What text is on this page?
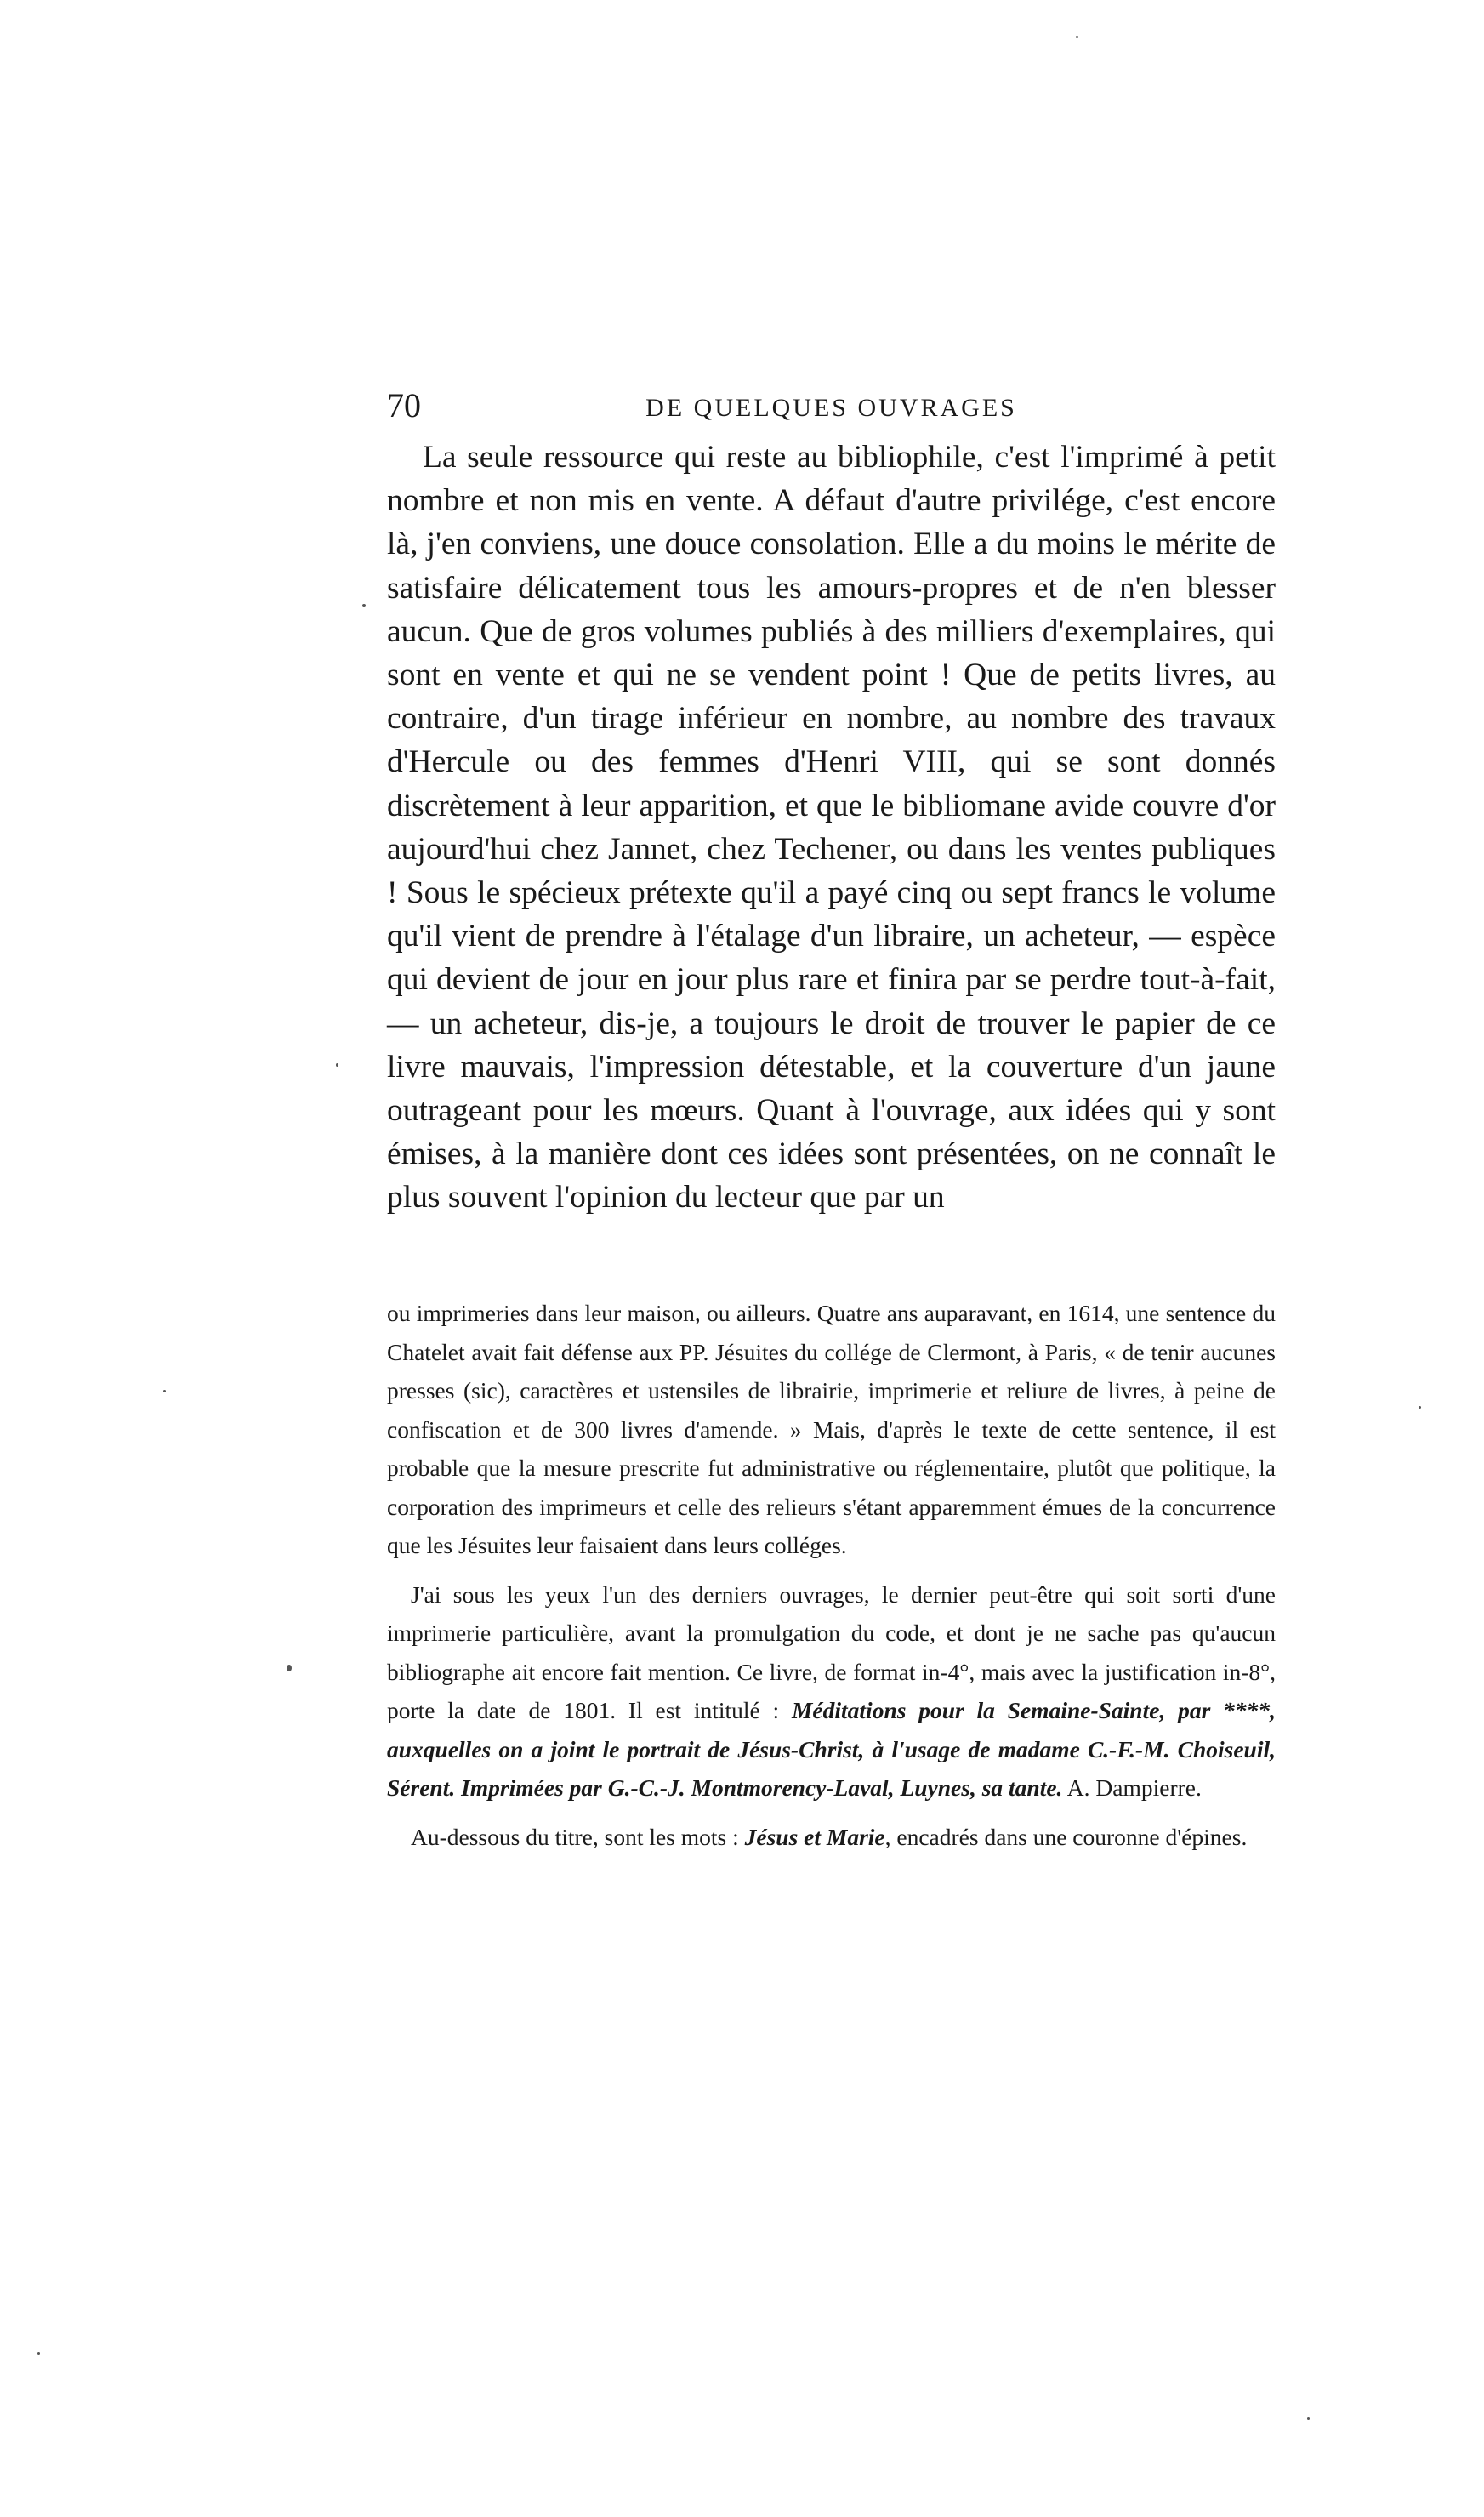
70	DE QUELQUES OUVRAGES

La seule ressource qui reste au bibliophile, c'est l'imprimé à petit nombre et non mis en vente. A défaut d'autre privilége, c'est encore là, j'en conviens, une douce consolation. Elle a du moins le mérite de satisfaire délicatement tous les amours-propres et de n'en blesser aucun. Que de gros volumes publiés à des milliers d'exemplaires, qui sont en vente et qui ne se vendent point ! Que de petits livres, au contraire, d'un tirage inférieur en nombre, au nombre des travaux d'Hercule ou des femmes d'Henri VIII, qui se sont donnés discrètement à leur apparition, et que le bibliomane avide couvre d'or aujourd'hui chez Jannet, chez Techener, ou dans les ventes publiques ! Sous le spécieux prétexte qu'il a payé cinq ou sept francs le volume qu'il vient de prendre à l'étalage d'un libraire, un acheteur, — espèce qui devient de jour en jour plus rare et finira par se perdre tout-à-fait, — un acheteur, dis-je, a toujours le droit de trouver le papier de ce livre mauvais, l'impression détestable, et la couverture d'un jaune outrageant pour les mœurs. Quant à l'ouvrage, aux idées qui y sont émises, à la manière dont ces idées sont présentées, on ne connaît le plus souvent l'opinion du lecteur que par un

ou imprimeries dans leur maison, ou ailleurs. Quatre ans auparavant, en 1614, une sentence du Chatelet avait fait défense aux PP. Jésuites du collége de Clermont, à Paris, « de tenir aucunes presses (sic), caractères et ustensiles de librairie, imprimerie et reliure de livres, à peine de confiscation et de 300 livres d'amende. » Mais, d'après le texte de cette sentence, il est probable que la mesure prescrite fut administrative ou réglementaire, plutôt que politique, la corporation des imprimeurs et celle des relieurs s'étant apparemment émues de la concurrence que les Jésuites leur faisaient dans leurs colléges.

J'ai sous les yeux l'un des derniers ouvrages, le dernier peut-être qui soit sorti d'une imprimerie particulière, avant la promulgation du code, et dont je ne sache pas qu'aucun bibliographe ait encore fait mention. Ce livre, de format in-4°, mais avec la justification in-8°, porte la date de 1801. Il est intitulé : Méditations pour la Semaine-Sainte, par ****, auxquelles on a joint le portrait de Jésus-Christ, à l'usage de madame C.-F.-M. Choiseuil, Sérent. Imprimées par G.-C.-J. Montmorency-Laval, Luynes, sa tante. A. Dampierre.

Au-dessous du titre, sont les mots : Jésus et Marie, encadrés dans une couronne d'épines.
